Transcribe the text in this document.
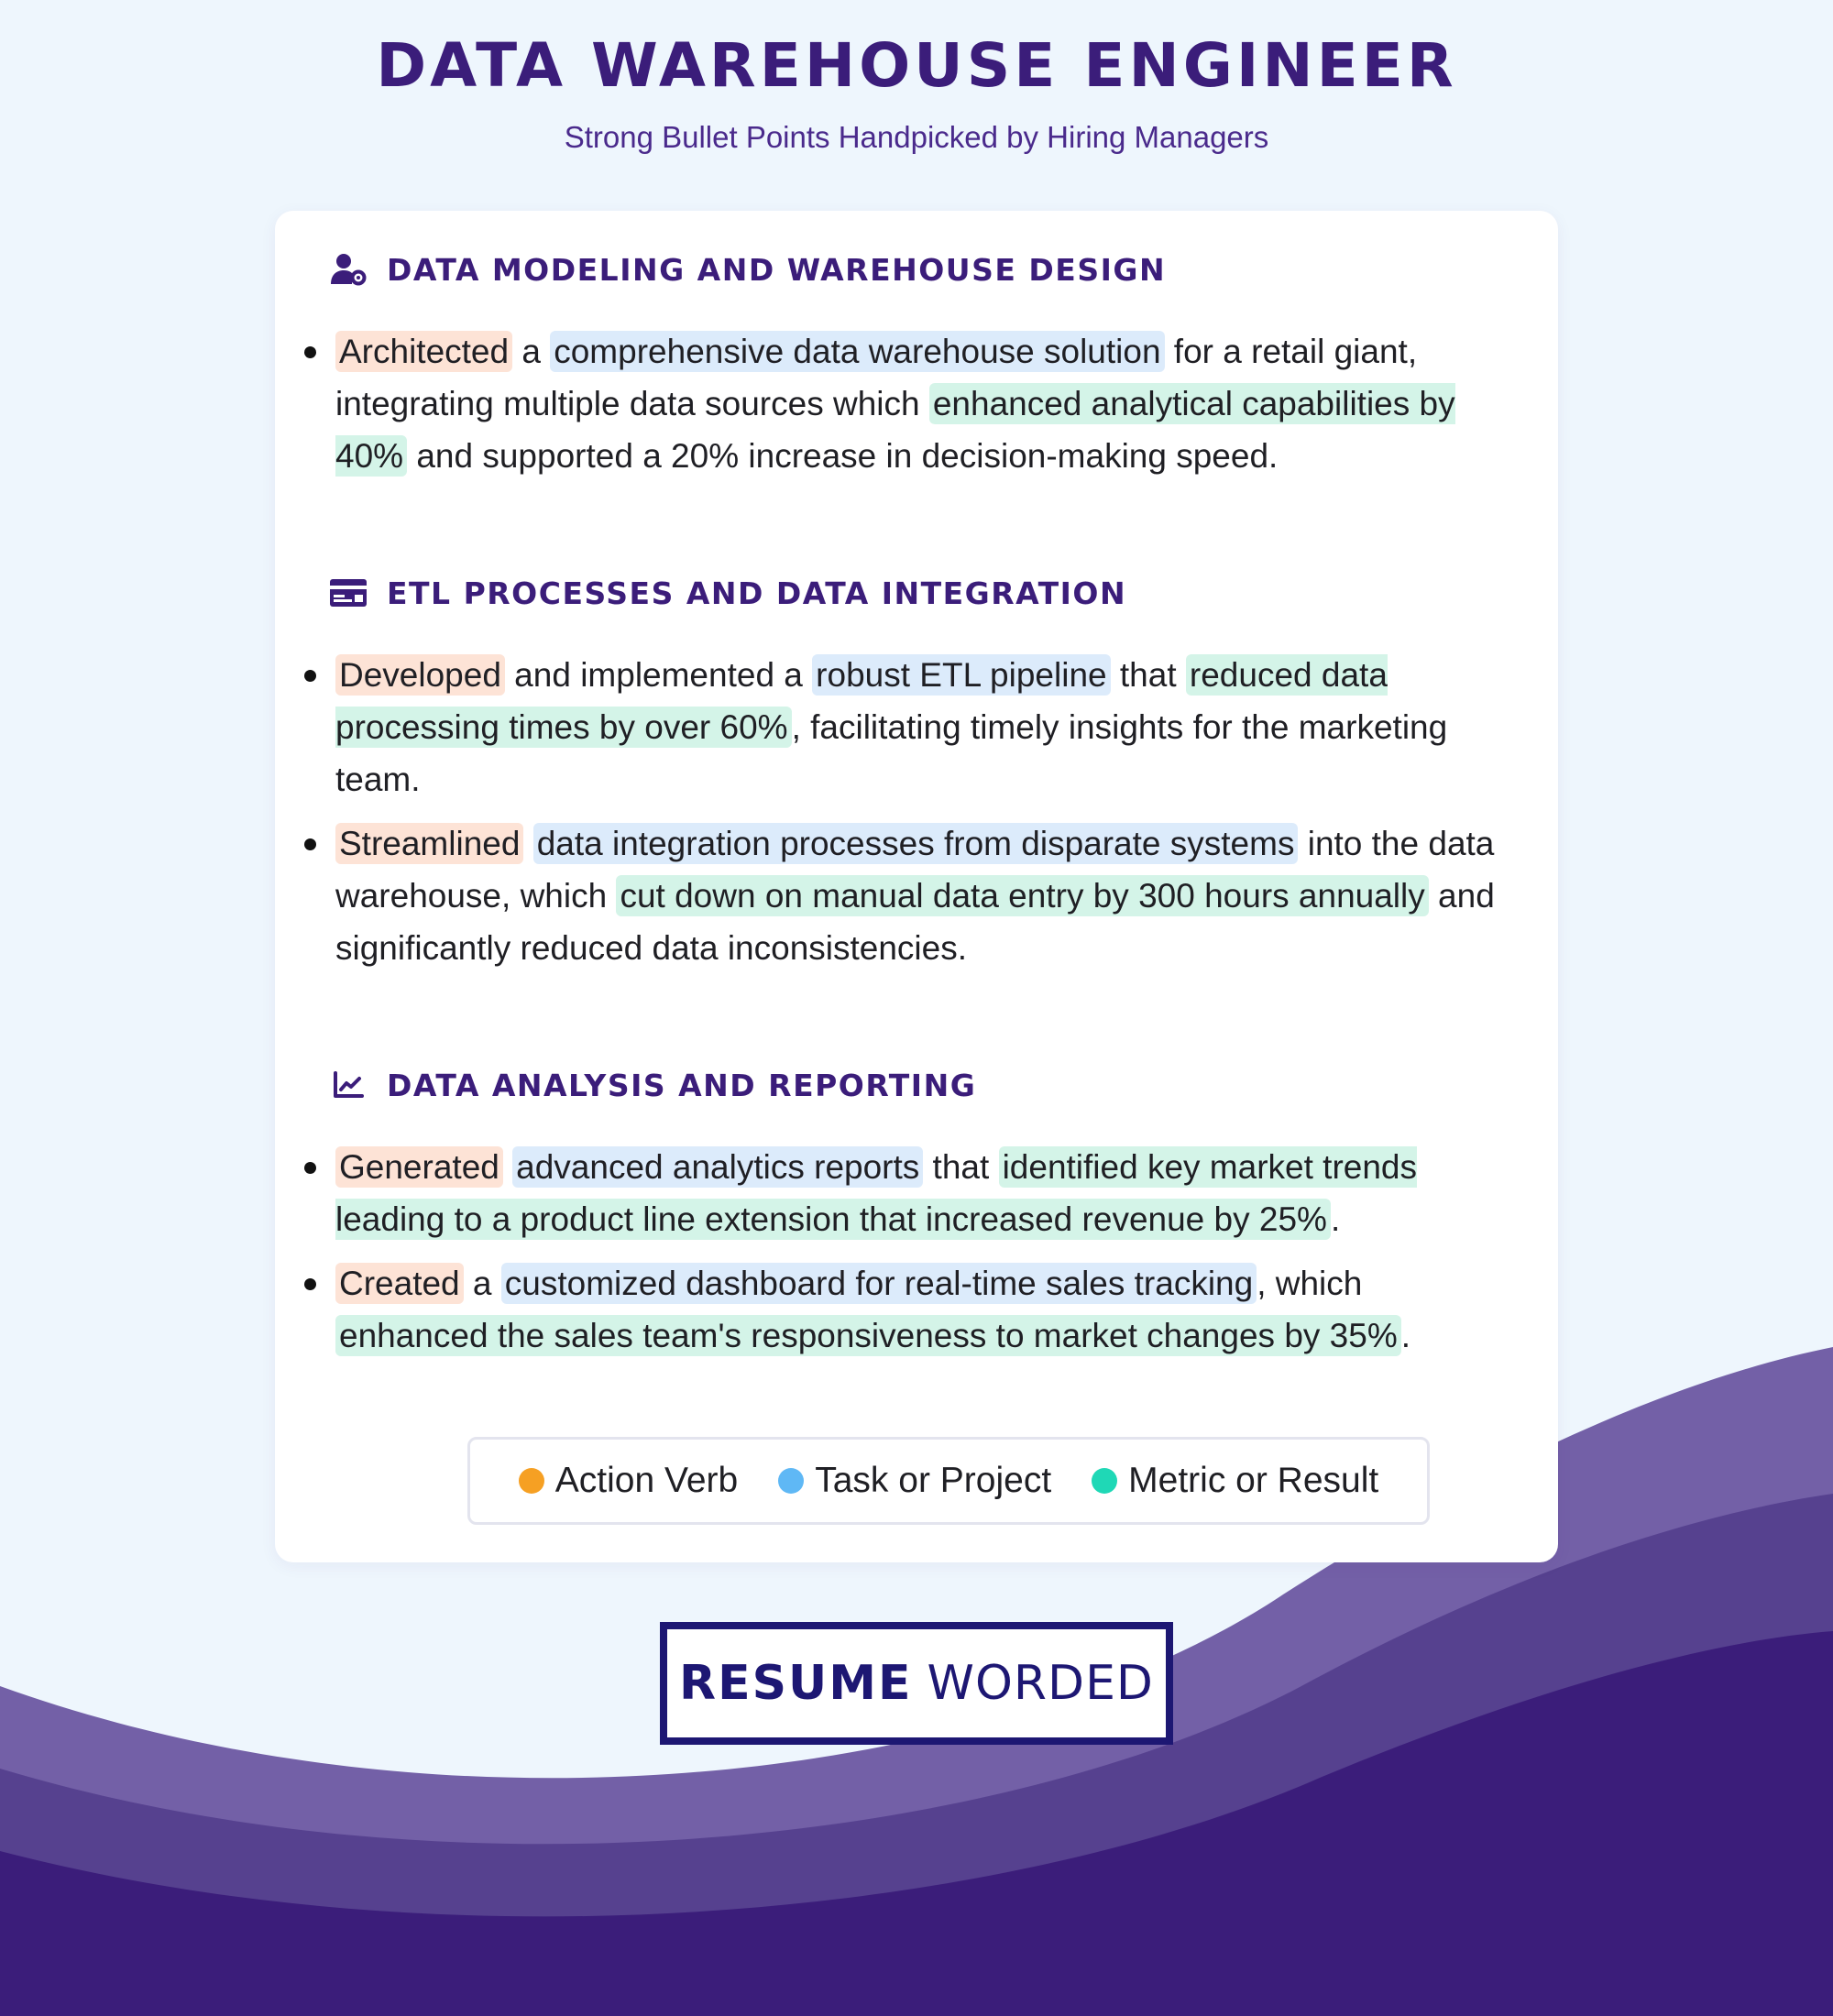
DATA WAREHOUSE ENGINEER
Strong Bullet Points Handpicked by Hiring Managers
DATA MODELING AND WAREHOUSE DESIGN
Architected a comprehensive data warehouse solution for a retail giant, integrating multiple data sources which enhanced analytical capabilities by 40% and supported a 20% increase in decision-making speed.
ETL PROCESSES AND DATA INTEGRATION
Developed and implemented a robust ETL pipeline that reduced data processing times by over 60% , facilitating timely insights for the marketing team.
Streamlined data integration processes from disparate systems into the data warehouse, which cut down on manual data entry by 300 hours annually and significantly reduced data inconsistencies.
DATA ANALYSIS AND REPORTING
Generated advanced analytics reports that identified key market trends leading to a product line extension that increased revenue by 25% .
Created a customized dashboard for real-time sales tracking , which enhanced the sales team's responsiveness to market changes by 35% .
Action Verb Task or Project Metric or Result
RESUME WORDED
